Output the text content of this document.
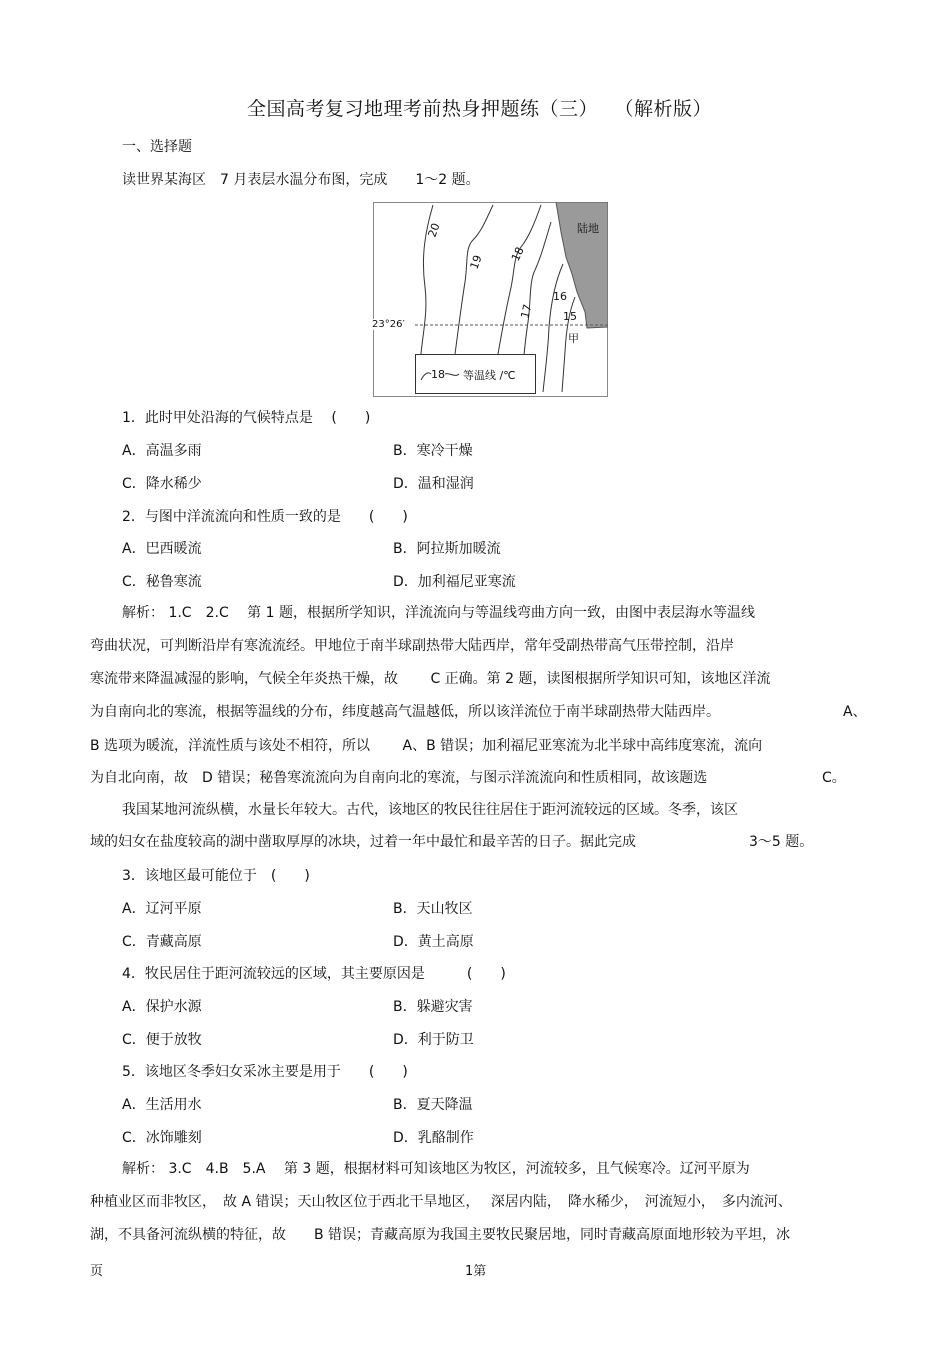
全国高考复习地理考前热身押题练（三） （解析版）
一、选择题
读世界某海区　7 月表层水温分布图，完成　　1～2 题。
陆地
20
19 18
17
16
15
甲
18 等温线 /℃
23°26′
1．此时甲处沿海的气候特点是　 (　　)
A．高温多雨	B．寒冷干燥
C．降水稀少	D．温和湿润
2．与图中洋流流向和性质一致的是　　(　　)
A．巴西暖流	B．阿拉斯加暖流
C．秘鲁寒流	D．加利福尼亚寒流
解析： 1.C　2.C　 第 1 题，根据所学知识，洋流流向与等温线弯曲方向一致，由图中表层海水等温线
弯曲状况，可判断沿岸有寒流流经。甲地位于南半球副热带大陆西岸，常年受副热带高气压带控制，沿岸
寒流带来降温减湿的影响，气候全年炎热干燥，故　　 C 正确。第 2 题，读图根据所学知识可知，该地区洋流
为自南向北的寒流，根据等温线的分布，纬度越高气温越低，所以该洋流位于南半球副热带大陆西岸。	A、
B 选项为暖流，洋流性质与该处不相符，所以　　 A、B 错误；加利福尼亚寒流为北半球中高纬度寒流，流向
为自北向南，故　D 错误；秘鲁寒流流向为自南向北的寒流，与图示洋流流向和性质相同，故该题选	C。
我国某地河流纵横，水量长年较大。古代，该地区的牧民往往居住于距河流较远的区域。冬季，该区
域的妇女在盐度较高的湖中凿取厚厚的冰块，过着一年中最忙和最辛苦的日子。据此完成	3～5 题。
3．该地区最可能位于　(　　)
A．辽河平原	B．天山牧区
C．青藏高原	D．黄土高原
4．牧民居住于距河流较远的区域，其主要原因是　　　(　　)
A．保护水源	B．躲避灾害
C．便于放牧	D．利于防卫
5．该地区冬季妇女采冰主要是用于　　(　　)
A．生活用水	B．夏天降温
C．冰饰雕刻	D．乳酪制作
解析： 3.C　4.B　5.A　 第 3 题，根据材料可知该地区为牧区，河流较多，且气候寒冷。辽河平原为
种植业区而非牧区，　故 A 错误；天山牧区位于西北干旱地区，　 深居内陆，　降水稀少，　河流短小，　多内流河、
湖，不具备河流纵横的特征，故　　B 错误；青藏高原为我国主要牧民聚居地，同时青藏高原面地形较为平坦，冰
页	1第
